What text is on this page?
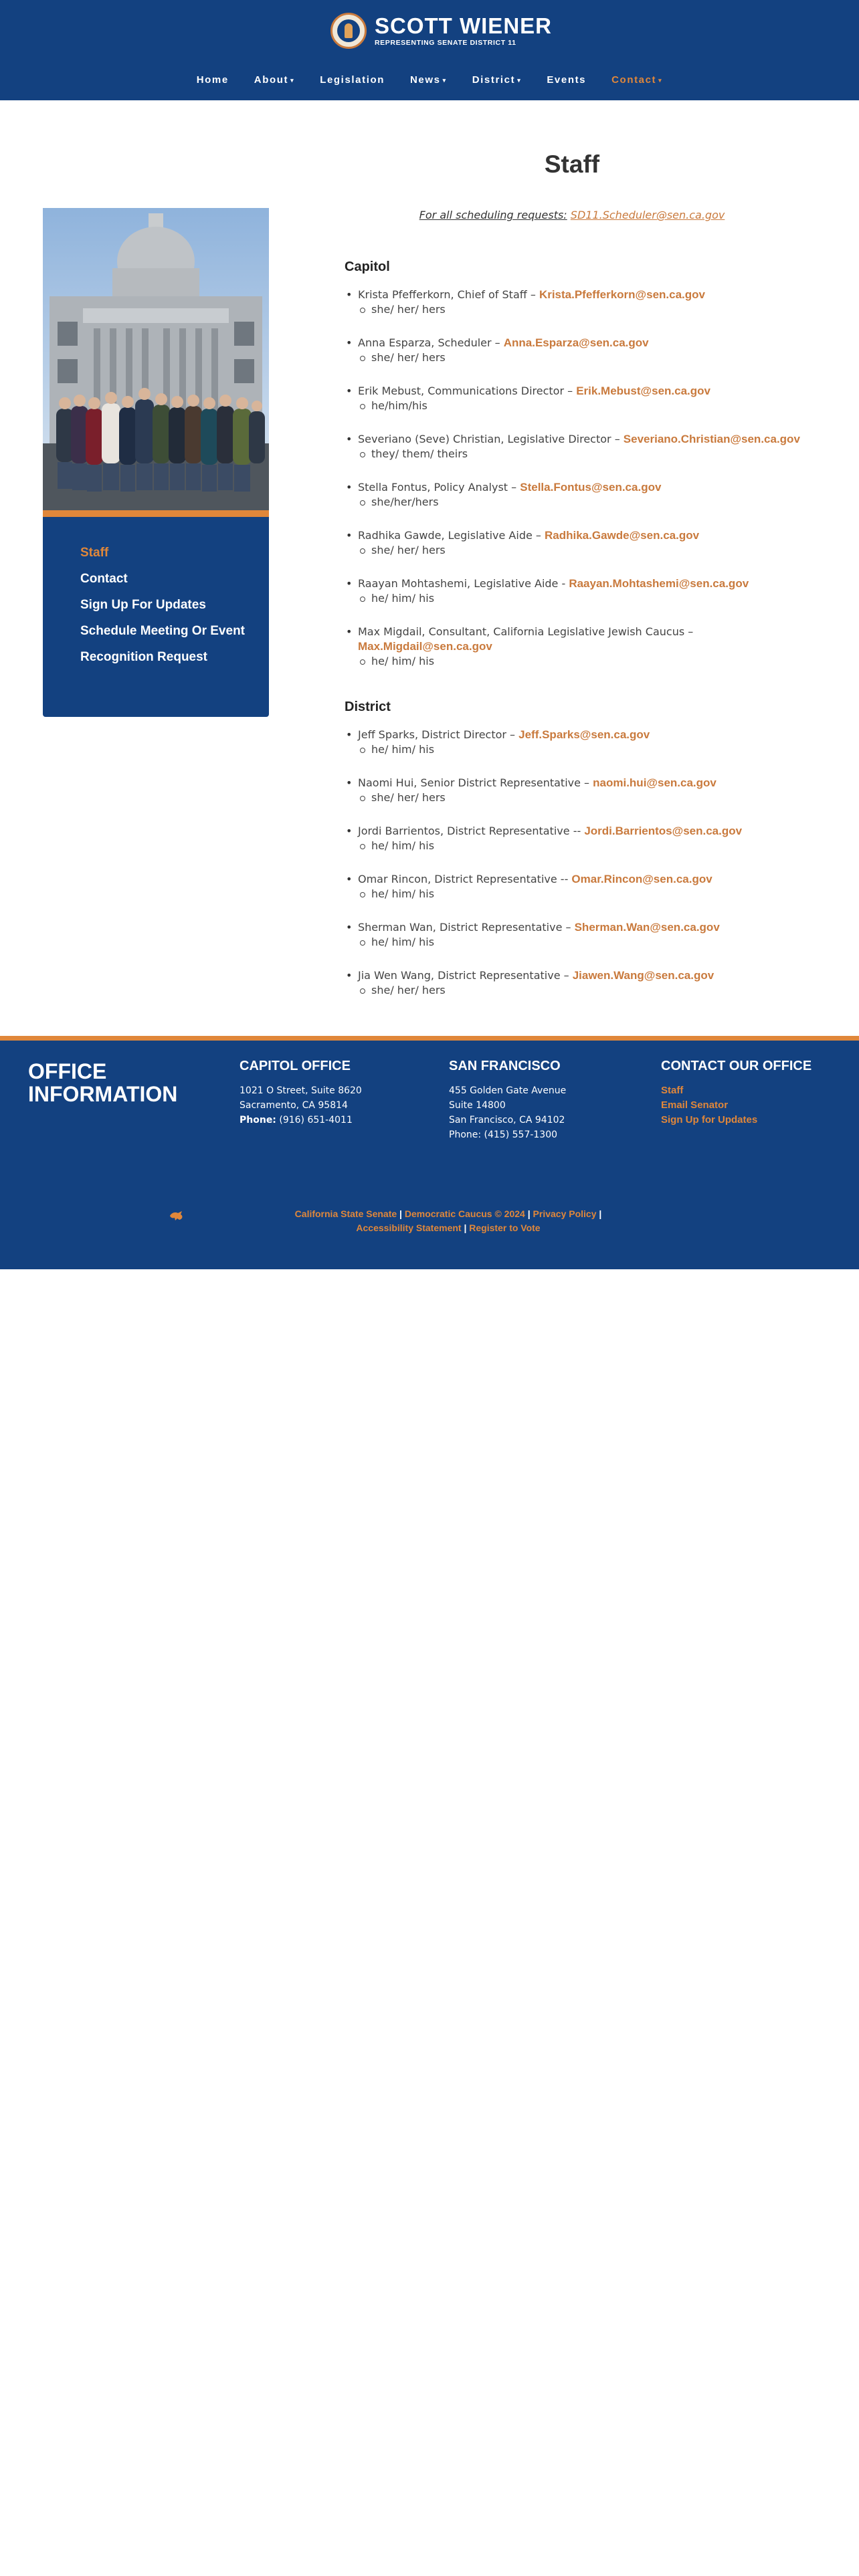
SCOTT WIENER
REPRESENTING SENATE DISTRICT 11
Home	About ▾	Legislation	News ▾	District ▾	Events	Contact ▾
Staff
Contact
Sign Up For Updates
Schedule Meeting Or Event
Recognition Request
Staff

For all scheduling requests: SD11.Scheduler@sen.ca.gov

Capitol
• Krista Pfefferkorn, Chief of Staff – Krista.Pfefferkorn@sen.ca.gov
she/ her/ hers
• Anna Esparza, Scheduler – Anna.Esparza@sen.ca.gov
she/ her/ hers
• Erik Mebust, Communications Director – Erik.Mebust@sen.ca.gov
he/him/his
• Severiano (Seve) Christian, Legislative Director – Severiano.Christian@sen.ca.gov
they/ them/ theirs
• Stella Fontus, Policy Analyst – Stella.Fontus@sen.ca.gov
she/her/hers
• Radhika Gawde, Legislative Aide – Radhika.Gawde@sen.ca.gov
she/ her/ hers
• Raayan Mohtashemi, Legislative Aide - Raayan.Mohtashemi@sen.ca.gov
he/ him/ his
• Max Migdail, Consultant, California Legislative Jewish Caucus –
Max.Migdail@sen.ca.gov
he/ him/ his
District
• Jeff Sparks, District Director – Jeff.Sparks@sen.ca.gov
he/ him/ his
• Naomi Hui, Senior District Representative – naomi.hui@sen.ca.gov
she/ her/ hers
• Jordi Barrientos, District Representative -- Jordi.Barrientos@sen.ca.gov
he/ him/ his
• Omar Rincon, District Representative -- Omar.Rincon@sen.ca.gov
he/ him/ his
• Sherman Wan, District Representative – Sherman.Wan@sen.ca.gov
he/ him/ his
• Jia Wen Wang, District Representative – Jiawen.Wang@sen.ca.gov
she/ her/ hers
OFFICE INFORMATION
CAPITOL OFFICE
1021 O Street, Suite 8620
Sacramento, CA 95814
Phone: (916) 651-4011
SAN FRANCISCO
455 Golden Gate Avenue
Suite 14800
San Francisco, CA 94102
Phone: (415) 557-1300
CONTACT OUR OFFICE
Staff
Email Senator
Sign Up for Updates
California State Senate | Democratic Caucus © 2024 | Privacy Policy |
Accessibility Statement | Register to Vote
